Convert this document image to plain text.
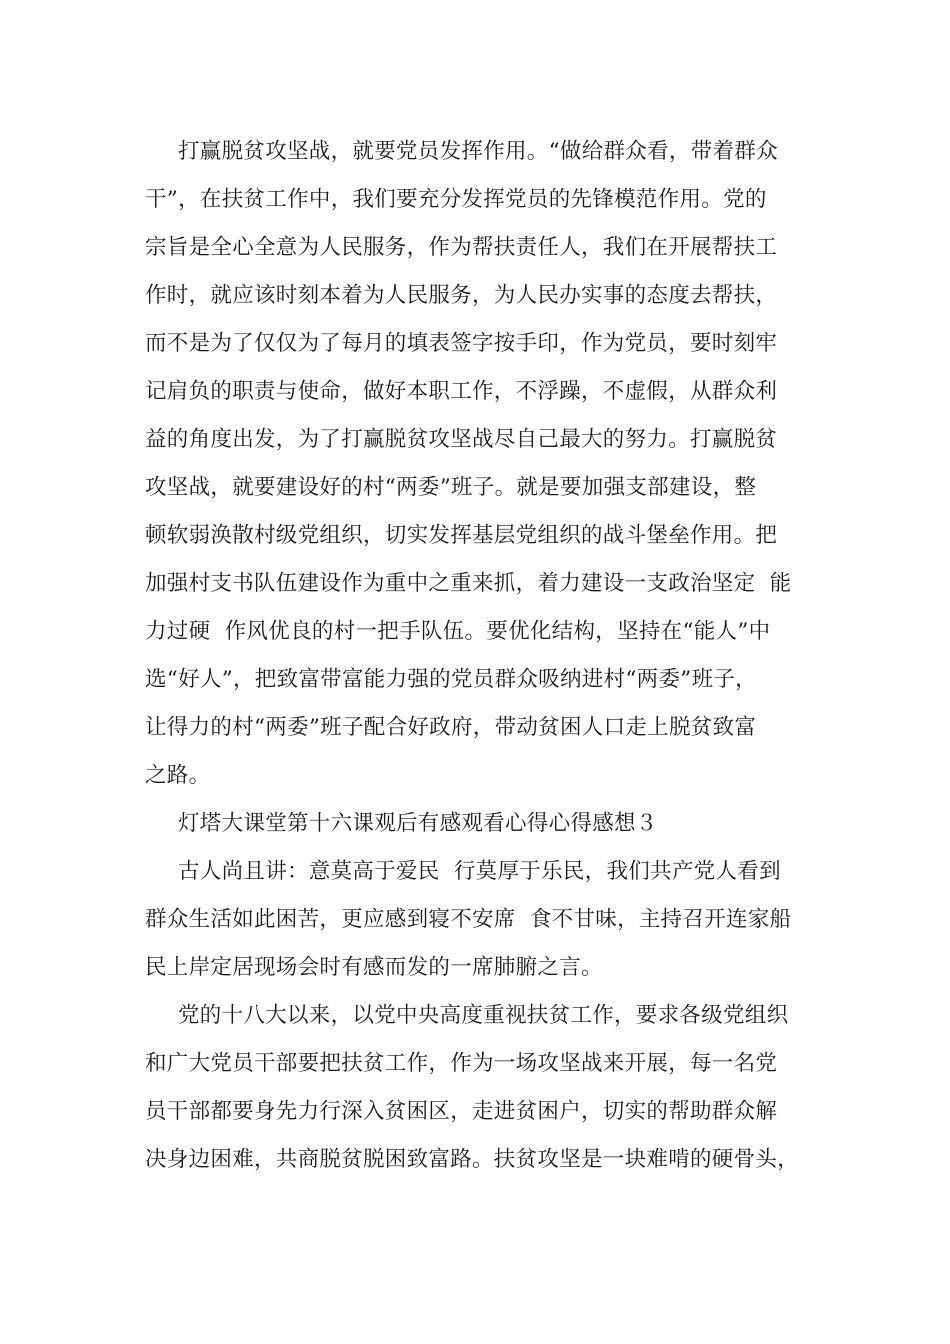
打赢脱贫攻坚战，就要党员发挥作用。“做给群众看，带着群众
干”，在扶贫工作中，我们要充分发挥党员的先锋模范作用。党的
宗旨是全心全意为人民服务，作为帮扶责任人，我们在开展帮扶工
作时，就应该时刻本着为人民服务，为人民办实事的态度去帮扶，
而不是为了仅仅为了每月的填表签字按手印，作为党员，要时刻牢
记肩负的职责与使命，做好本职工作，不浮躁，不虚假，从群众利
益的角度出发，为了打赢脱贫攻坚战尽自己最大的努力。打赢脱贫
攻坚战，就要建设好的村“两委”班子。就是要加强支部建设，整
顿软弱涣散村级党组织，切实发挥基层党组织的战斗堡垒作用。把
加强村支书队伍建设作为重中之重来抓，着力建设一支政治坚定  能
力过硬  作风优良的村一把手队伍。要优化结构，坚持在“能人”中
选“好人”，把致富带富能力强的党员群众吸纳进村“两委”班子，
让得力的村“两委”班子配合好政府，带动贫困人口走上脱贫致富
之路。
灯塔大课堂第十六课观后有感观看心得心得感想３
古人尚且讲：意莫高于爱民  行莫厚于乐民，我们共产党人看到
群众生活如此困苦，更应感到寝不安席  食不甘味，主持召开连家船
民上岸定居现场会时有感而发的一席肺腑之言。
党的十八大以来，以党中央高度重视扶贫工作，要求各级党组织
和广大党员干部要把扶贫工作，作为一场攻坚战来开展，每一名党
员干部都要身先力行深入贫困区，走进贫困户，切实的帮助群众解
决身边困难，共商脱贫脱困致富路。扶贫攻坚是一块难啃的硬骨头，
